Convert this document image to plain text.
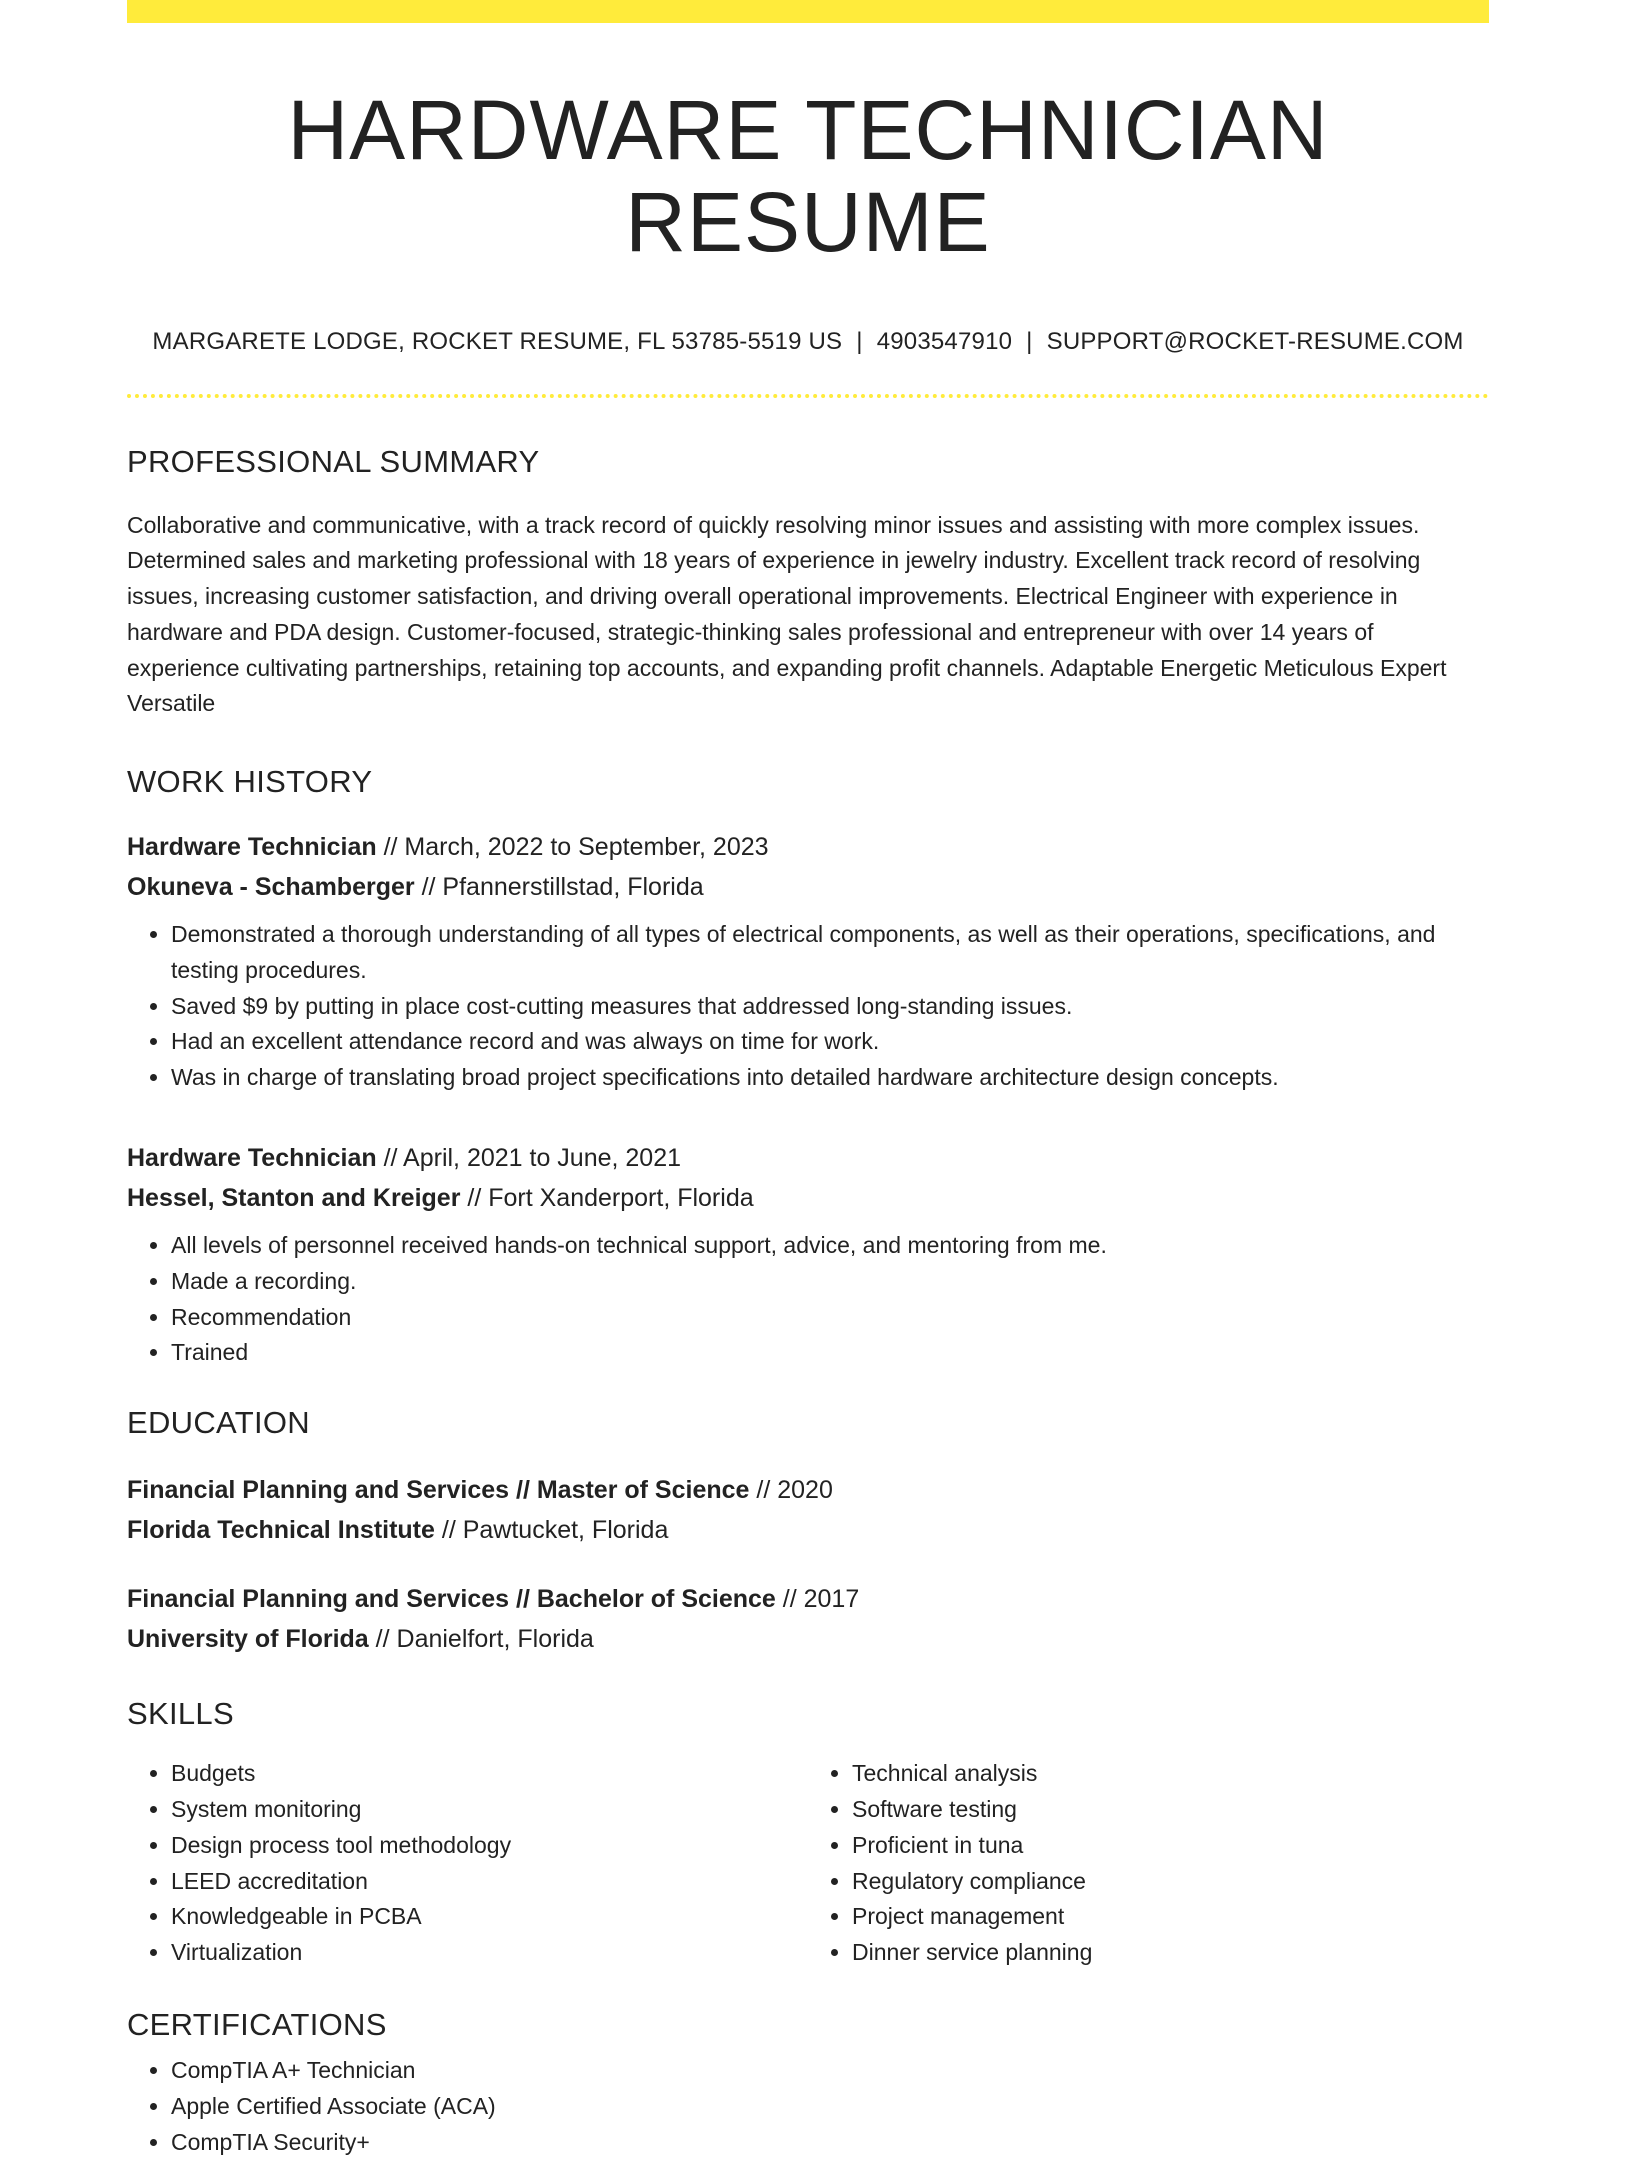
HARDWARE TECHNICIAN RESUME
MARGARETE LODGE, ROCKET RESUME, FL 53785-5519 US | 4903547910 | SUPPORT@ROCKET-RESUME.COM
PROFESSIONAL SUMMARY
Collaborative and communicative, with a track record of quickly resolving minor issues and assisting with more complex issues. Determined sales and marketing professional with 18 years of experience in jewelry industry. Excellent track record of resolving issues, increasing customer satisfaction, and driving overall operational improvements. Electrical Engineer with experience in hardware and PDA design. Customer-focused, strategic-thinking sales professional and entrepreneur with over 14 years of experience cultivating partnerships, retaining top accounts, and expanding profit channels. Adaptable Energetic Meticulous Expert Versatile
WORK HISTORY
Hardware Technician // March, 2022 to September, 2023
Okuneva - Schamberger // Pfannerstillstad, Florida
• Demonstrated a thorough understanding of all types of electrical components, as well as their operations, specifications, and testing procedures.
• Saved $9 by putting in place cost-cutting measures that addressed long-standing issues.
• Had an excellent attendance record and was always on time for work.
• Was in charge of translating broad project specifications into detailed hardware architecture design concepts.
Hardware Technician // April, 2021 to June, 2021
Hessel, Stanton and Kreiger // Fort Xanderport, Florida
• All levels of personnel received hands-on technical support, advice, and mentoring from me.
• Made a recording.
• Recommendation
• Trained
EDUCATION
Financial Planning and Services // Master of Science // 2020
Florida Technical Institute // Pawtucket, Florida
Financial Planning and Services // Bachelor of Science // 2017
University of Florida // Danielfort, Florida
SKILLS
• Budgets
• System monitoring
• Design process tool methodology
• LEED accreditation
• Knowledgeable in PCBA
• Virtualization
• Technical analysis
• Software testing
• Proficient in tuna
• Regulatory compliance
• Project management
• Dinner service planning
CERTIFICATIONS
• CompTIA A+ Technician
• Apple Certified Associate (ACA)
• CompTIA Security+
